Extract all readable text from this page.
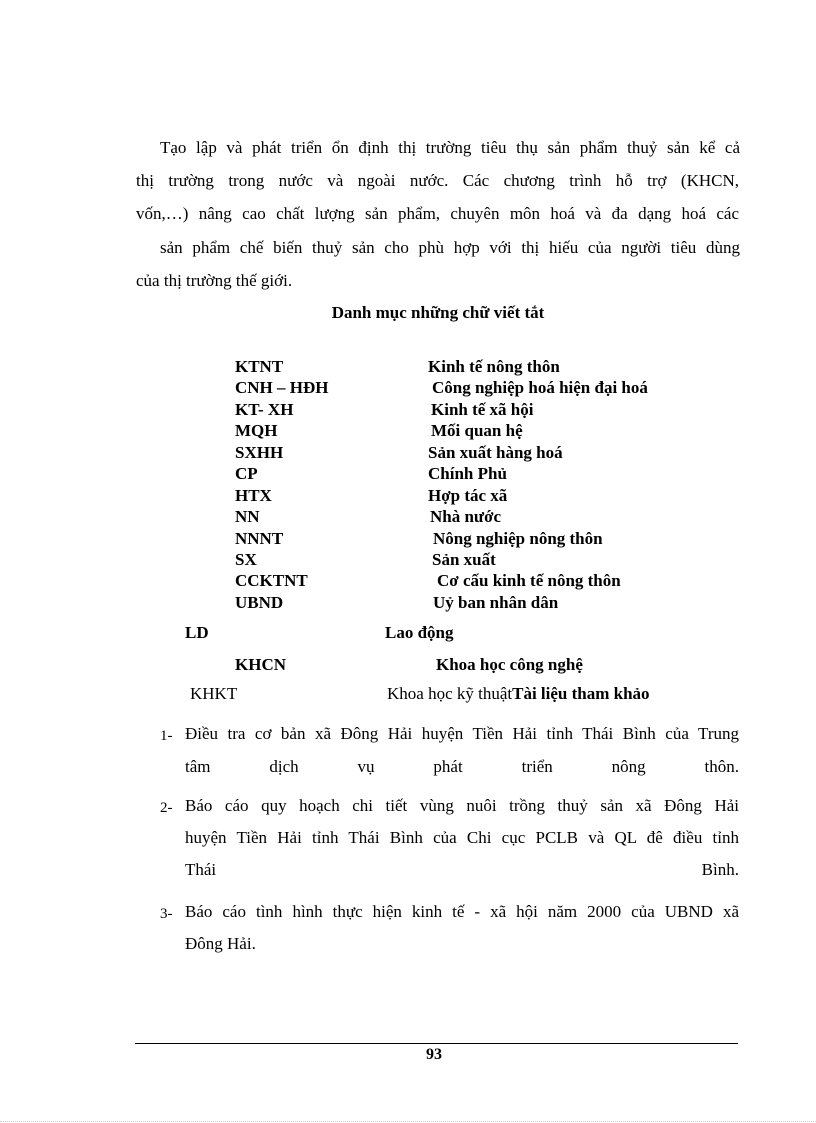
Tạo lập và phát triển ổn định thị trường tiêu thụ sản phẩm thuỷ sản kể cả
thị trường trong nước và ngoài nước. Các chương trình hỗ trợ (KHCN,
vốn,…) nâng cao chất lượng sản phẩm, chuyên môn hoá và đa dạng hoá các
sản phẩm chế biến thuỷ sản cho phù hợp với thị hiếu của người tiêu dùng
của thị trường thế giới.
Danh mục những chữ viết tắt
KTNT	Kinh tế nông thôn
CNH – HĐH	Công nghiệp hoá hiện đại hoá
KT- XH	Kinh tế xã hội
MQH	Mối quan hệ
SXHH	Sản xuất hàng hoá
CP	Chính Phủ
HTX	Hợp tác xã
NN	Nhà nước
NNNT	Nông nghiệp nông thôn
SX	Sản xuất
CCKTNT	Cơ cấu kinh tế nông thôn
UBND	Uỷ ban nhân dân
LD	Lao động
KHCN	Khoa học công nghệ
KHKT	Khoa học kỹ thuậtTài liệu tham khảo
1- Điều tra cơ bản xã Đông Hải huyện Tiền Hải tỉnh Thái Bình của Trung
tâm dịch vụ phát triển nông thôn.
2- Báo cáo quy hoạch chi tiết vùng nuôi trồng thuỷ sản xã Đông Hải
huyện Tiền Hải tỉnh Thái Bình của Chi cục PCLB và QL đê điều tỉnh
Thái Bình.
3- Báo cáo tình hình thực hiện kinh tế - xã hội năm 2000 của UBND xã
Đông Hải.
93
